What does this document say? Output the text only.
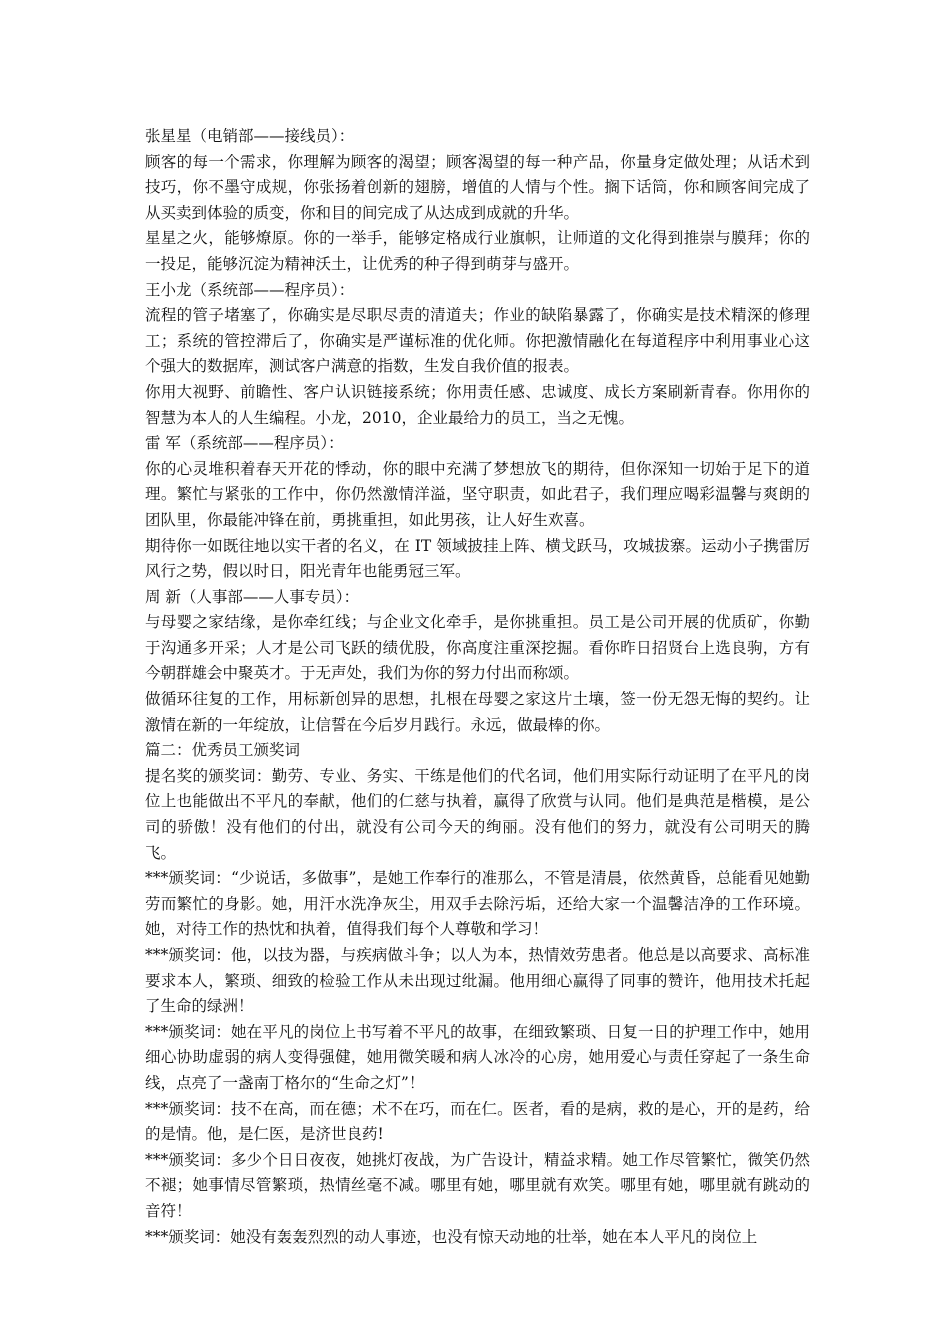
张星星（电销部——接线员）：

顾客的每一个需求，你理解为顾客的渴望；顾客渴望的每一种产品，你量身定做处理；从话术到技巧，你不墨守成规，你张扬着创新的翅膀，增值的人情与个性。搁下话筒，你和顾客间完成了从买卖到体验的质变，你和目的间完成了从达成到成就的升华。

星星之火，能够燎原。你的一举手，能够定格成行业旗帜，让师道的文化得到推崇与膜拜；你的一投足，能够沉淀为精神沃土，让优秀的种子得到萌芽与盛开。

王小龙（系统部——程序员）：

流程的管子堵塞了，你确实是尽职尽责的清道夫；作业的缺陷暴露了，你确实是技术精深的修理工；系统的管控滞后了，你确实是严谨标准的优化师。你把激情融化在每道程序中利用事业心这个强大的数据库，测试客户满意的指数，生发自我价值的报表。

你用大视野、前瞻性、客户认识链接系统；你用责任感、忠诚度、成长方案刷新青春。你用你的智慧为本人的人生编程。小龙，2010，企业最给力的员工，当之无愧。

雷 军（系统部——程序员）：

你的心灵堆积着春天开花的悸动，你的眼中充满了梦想放飞的期待，但你深知一切始于足下的道理。繁忙与紧张的工作中，你仍然激情洋溢，坚守职责，如此君子，我们理应喝彩温馨与爽朗的团队里，你最能冲锋在前，勇挑重担，如此男孩，让人好生欢喜。

期待你一如既往地以实干者的名义，在 IT 领域披挂上阵、横戈跃马，攻城拔寨。运动小子携雷厉风行之势，假以时日，阳光青年也能勇冠三军。

周 新（人事部——人事专员）：

与母婴之家结缘，是你牵红线；与企业文化牵手，是你挑重担。员工是公司开展的优质矿，你勤于沟通多开采；人才是公司飞跃的绩优股，你高度注重深挖掘。看你昨日招贤台上选良驹，方有今朝群雄会中聚英才。于无声处，我们为你的努力付出而称颂。

做循环往复的工作，用标新创异的思想，扎根在母婴之家这片土壤，签一份无怨无悔的契约。让激情在新的一年绽放，让信誓在今后岁月践行。永远，做最棒的你。

篇二：优秀员工颁奖词

提名奖的颁奖词：勤劳、专业、务实、干练是他们的代名词，他们用实际行动证明了在平凡的岗位上也能做出不平凡的奉献，他们的仁慈与执着，赢得了欣赏与认同。他们是典范是楷模，是公司的骄傲！没有他们的付出，就没有公司今天的绚丽。没有他们的努力，就没有公司明天的腾飞。

***颁奖词：“少说话，多做事”，是她工作奉行的准那么，不管是清晨，依然黄昏，总能看见她勤劳而繁忙的身影。她，用汗水洗净灰尘，用双手去除污垢，还给大家一个温馨洁净的工作环境。她，对待工作的热忱和执着，值得我们每个人尊敬和学习！

***颁奖词：他，以技为器，与疾病做斗争；以人为本，热情效劳患者。他总是以高要求、高标准要求本人，繁琐、细致的检验工作从未出现过纰漏。他用细心赢得了同事的赞许，他用技术托起了生命的绿洲！

***颁奖词：她在平凡的岗位上书写着不平凡的故事，在细致繁琐、日复一日的护理工作中，她用细心协助虚弱的病人变得强健，她用微笑暖和病人冰冷的心房，她用爱心与责任穿起了一条生命线，点亮了一盏南丁格尔的“生命之灯”！

***颁奖词：技不在高，而在德；术不在巧，而在仁。医者，看的是病，救的是心，开的是药，给的是情。他，是仁医，是济世良药!

***颁奖词：多少个日日夜夜，她挑灯夜战，为广告设计，精益求精。她工作尽管繁忙，微笑仍然不褪；她事情尽管繁琐，热情丝毫不减。哪里有她，哪里就有欢笑。哪里有她，哪里就有跳动的音符！

***颁奖词：她没有轰轰烈烈的动人事迹，也没有惊天动地的壮举，她在本人平凡的岗位上
